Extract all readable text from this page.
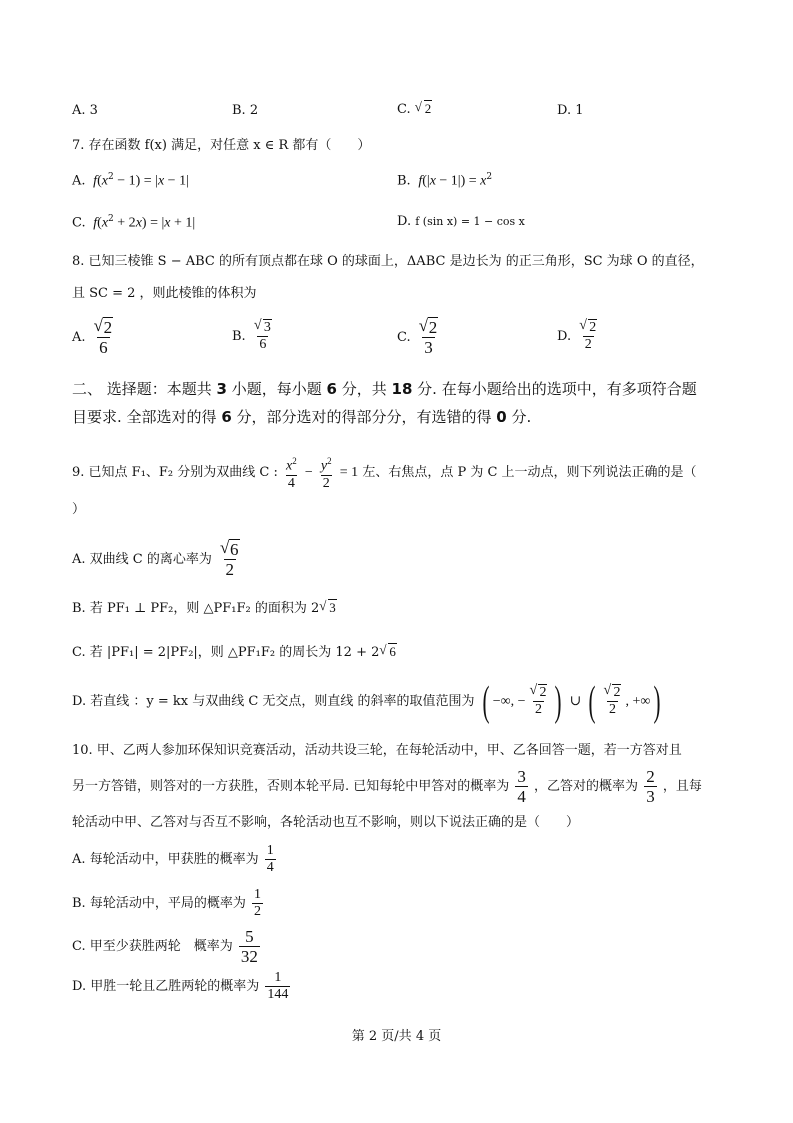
A. 3	B. 2	C. √ 2	D. 1
7. 存在函数 f(x) 满足，对任意 x ∈ R 都有（　　）
A.  $f(x^2 - 1) = |x - 1|$	B.  $f(|x - 1|) = x^2$
C.  $f(x^2 + 2x) = |x + 1|$	D. f (sin x) = 1 − cos x
8. 已知三棱锥 S − ABC 的所有顶点都在球 O 的球面上，ΔABC 是边长为 的正三角形，SC 为球 O 的直径，
且 SC = 2 ，则此棱锥的体积为
A. √ $\frac{2}{6}$	B. √ $\frac{3}{6}$	C. √ $\frac{2}{3}$	D. √ $\frac{2}{2}$
二、 选择题：本题共 3 小题，每小题 6 分，共 18 分. 在每小题给出的选项中，有多项符合题
目要求. 全部选对的得 6 分，部分选对的得部分分，有选错的得 0 分.
9. 已知点 F₁、F₂ 分别为双曲线 C : $\frac{x^2}{4} - \frac{y^2}{2} = 1$ 左、右焦点，点 P 为 C 上一动点，则下列说法正确的是（
）
A. 双曲线 C 的离心率为 √ $\frac{6}{2}$
B. 若 PF₁ ⊥ PF₂，则 △PF₁F₂ 的面积为 2 √ 3
C. 若 |PF₁| = 2|PF₂|，则 △PF₁F₂ 的周长为 12 + 2 √ 6
D. 若直线 ：y = kx 与双曲线 C 无交点，则直线 的斜率的取值范围为 ( −∞, − √ $\frac{2}{2}$ ) ∪ ( √ $\frac{2}{2}$ , +∞)
10. 甲、乙两人参加环保知识竞赛活动，活动共设三轮，在每轮活动中，甲、乙各回答一题，若一方答对且
另一方答错，则答对的一方获胜，否则本轮平局. 已知每轮中甲答对的概率为 $\frac{3}{4}$ ，乙答对的概率为 $\frac{2}{3}$ ，且每
轮活动中甲、乙答对与否互不影响，各轮活动也互不影响，则以下说法正确的是（　　）
A. 每轮活动中，甲获胜的概率为 $\frac{1}{4}$
B. 每轮活动中，平局的概率为 $\frac{1}{2}$
C. 甲至少获胜两轮　概率为 $\frac{5}{32}$
D. 甲胜一轮且乙胜两轮的概率为 $\frac{1}{144}$
第 2 页/共 4 页
